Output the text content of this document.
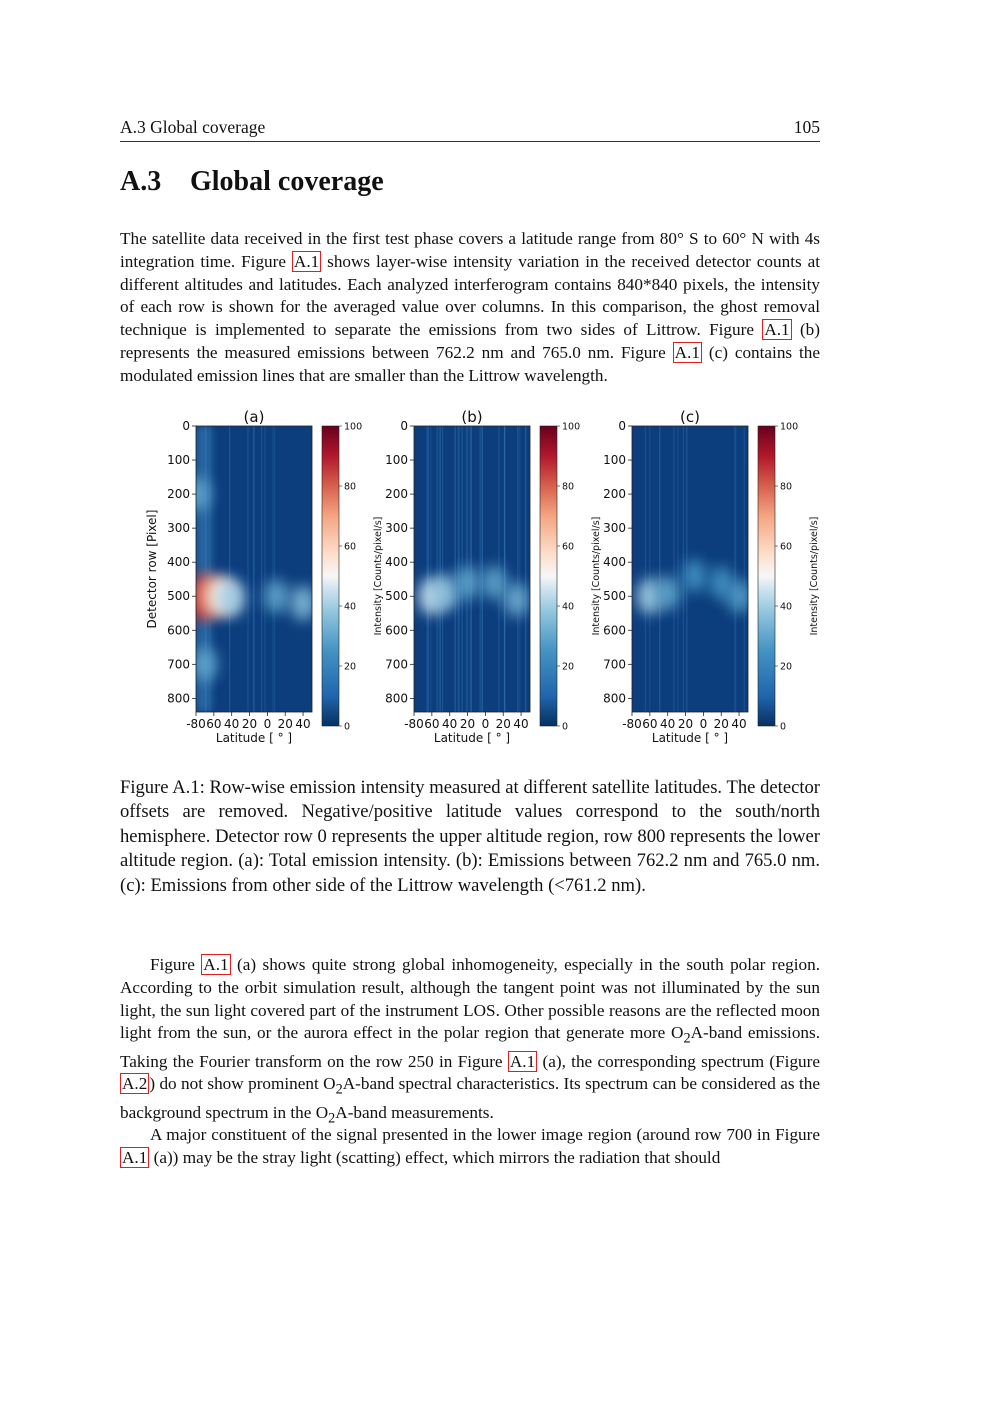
A.3 Global coverage	105
A.3 Global coverage

The satellite data received in the first test phase covers a latitude range from 80° S to 60° N with 4s integration time. Figure A.1 shows layer-wise intensity variation in the received detector counts at different altitudes and latitudes. Each analyzed interferogram contains 840*840 pixels, the intensity of each row is shown for the averaged value over columns. In this comparison, the ghost removal technique is implemented to separate the emissions from two sides of Littrow. Figure A.1 (b) represents the measured emissions between 762.2 nm and 765.0 nm. Figure A.1 (c) contains the modulated emission lines that are smaller than the Littrow wavelength.

(a)
0
100
200
300
400
500
600
700
800
-80 60 40 20 0 20 40
Latitude [ ° ]
Detector row [Pixel]
0
20
40
60
80
100
Intensity [Counts/pixel/s]
(b)
0
100
200
300
400
500
600
700
800
-80 60 40 20 0 20 40
Latitude [ ° ]
0
20
40
60
80
100
Intensity [Counts/pixel/s]
(c)
0
100
200
300
400
500
600
700
800
-80 60 40 20 0 20 40
Latitude [ ° ]
0
20
40
60
80
100
Intensity [Counts/pixel/s]

Figure A.1: Row-wise emission intensity measured at different satellite latitudes. The detector offsets are removed. Negative/positive latitude values correspond to the south/north hemisphere. Detector row 0 represents the upper altitude region, row 800 represents the lower altitude region. (a): Total emission intensity. (b): Emissions between 762.2 nm and 765.0 nm. (c): Emissions from other side of the Littrow wavelength (<761.2 nm).

Figure A.1 (a) shows quite strong global inhomogeneity, especially in the south polar region. According to the orbit simulation result, although the tangent point was not illuminated by the sun light, the sun light covered part of the instrument LOS. Other possible reasons are the reflected moon light from the sun, or the aurora effect in the polar region that generate more $O_2A$-band emissions. Taking the Fourier transform on the row 250 in Figure A.1 (a), the corresponding spectrum (Figure A.2 ) do not show prominent $O_2A$-band spectral characteristics. Its spectrum can be considered as the background spectrum in the $O_2A$-band measurements.

A major constituent of the signal presented in the lower image region (around row 700 in Figure A.1 (a)) may be the stray light (scatting) effect, which mirrors the radiation that should
